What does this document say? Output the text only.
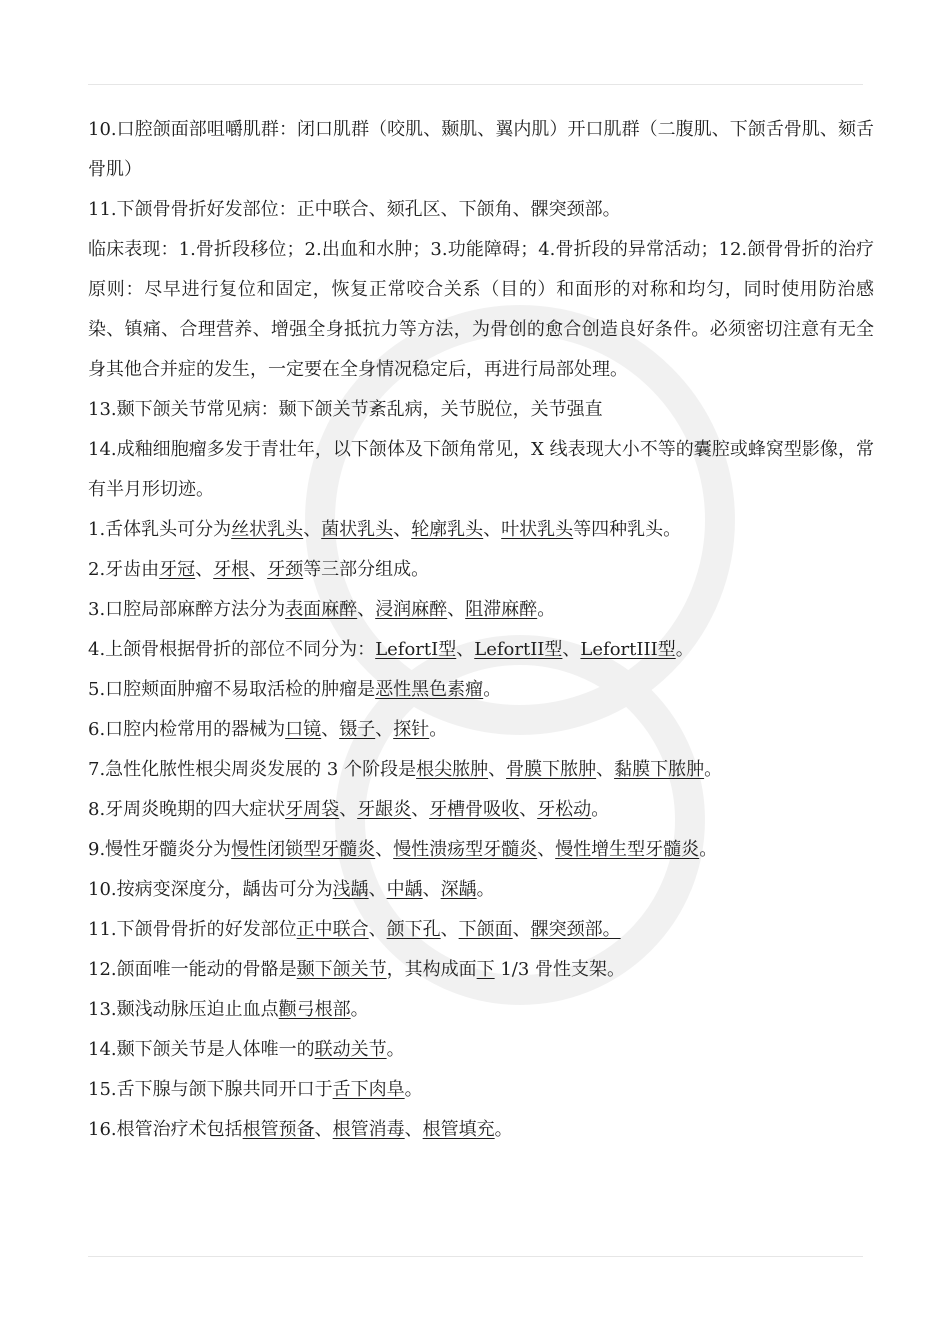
10.口腔颌面部咀嚼肌群：闭口肌群（咬肌、颞肌、翼内肌）开口肌群（二腹肌、下颌舌骨肌、颏舌骨肌）

11.下颌骨骨折好发部位：正中联合、颏孔区、下颌角、髁突颈部。

临床表现：1.骨折段移位；2.出血和水肿；3.功能障碍；4.骨折段的异常活动；12.颌骨骨折的治疗原则：尽早进行复位和固定，恢复正常咬合关系（目的）和面形的对称和均匀，同时使用防治感染、镇痛、合理营养、增强全身抵抗力等方法，为骨创的愈合创造良好条件。必须密切注意有无全身其他合并症的发生，一定要在全身情况稳定后，再进行局部处理。

13.颞下颌关节常见病：颞下颌关节紊乱病，关节脱位，关节强直

14.成釉细胞瘤多发于青壮年，以下颌体及下颌角常见，X 线表现大小不等的囊腔或蜂窝型影像，常有半月形切迹。

1.舌体乳头可分为丝状乳头、菌状乳头、轮廓乳头、叶状乳头等四种乳头。

2.牙齿由牙冠、牙根、牙颈等三部分组成。

3.口腔局部麻醉方法分为表面麻醉、浸润麻醉、阻滞麻醉。

4.上颌骨根据骨折的部位不同分为：LefortI型、LefortII型、LefortIII型。

5.口腔颊面肿瘤不易取活检的肿瘤是恶性黑色素瘤。

6.口腔内检常用的器械为口镜、镊子、探针。

7.急性化脓性根尖周炎发展的 3 个阶段是根尖脓肿、骨膜下脓肿、黏膜下脓肿。

8.牙周炎晚期的四大症状牙周袋、牙龈炎、牙槽骨吸收、牙松动。

9.慢性牙髓炎分为慢性闭锁型牙髓炎、慢性溃疡型牙髓炎、慢性增生型牙髓炎。

10.按病变深度分，龋齿可分为浅龋、中龋、深龋。

11.下颌骨骨折的好发部位正中联合、颌下孔、下颌面、髁突颈部。

12.颌面唯一能动的骨骼是颞下颌关节，其构成面下 1/3 骨性支架。

13.颞浅动脉压迫止血点颧弓根部。

14.颞下颌关节是人体唯一的联动关节。

15.舌下腺与颌下腺共同开口于舌下肉阜。

16.根管治疗术包括根管预备、根管消毒、根管填充。
